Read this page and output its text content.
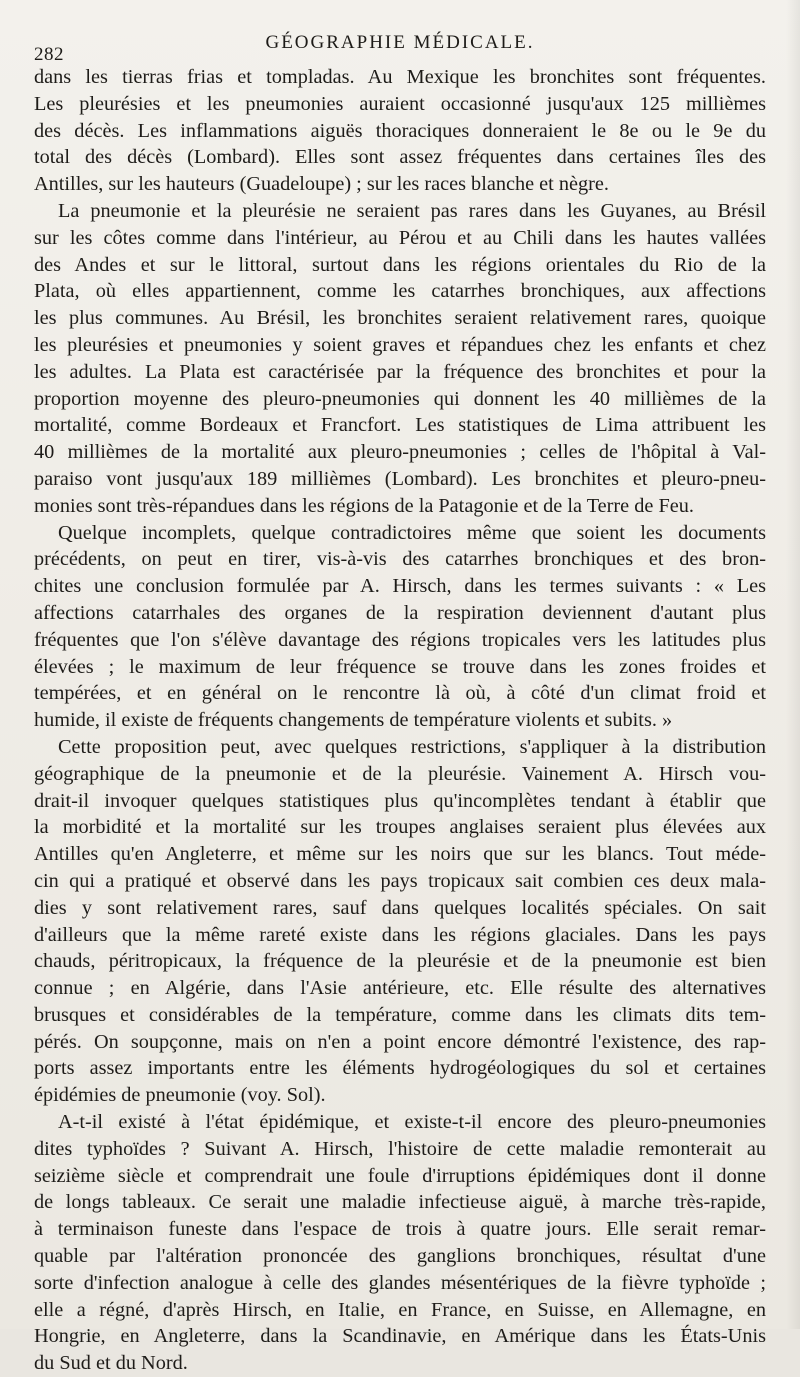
282
GÉOGRAPHIE MÉDICALE.
dans les tierras frias et tompladas. Au Mexique les bronchites sont fréquentes.
Les pleurésies et les pneumonies auraient occasionné jusqu'aux 125 millièmes
des décès. Les inflammations aiguës thoraciques donneraient le 8e ou le 9e du
total des décès (Lombard). Elles sont assez fréquentes dans certaines îles des
Antilles, sur les hauteurs (Guadeloupe) ; sur les races blanche et nègre.
La pneumonie et la pleurésie ne seraient pas rares dans les Guyanes, au Brésil
sur les côtes comme dans l'intérieur, au Pérou et au Chili dans les hautes vallées
des Andes et sur le littoral, surtout dans les régions orientales du Rio de la
Plata, où elles appartiennent, comme les catarrhes bronchiques, aux affections
les plus communes. Au Brésil, les bronchites seraient relativement rares, quoique
les pleurésies et pneumonies y soient graves et répandues chez les enfants et chez
les adultes. La Plata est caractérisée par la fréquence des bronchites et pour la
proportion moyenne des pleuro-pneumonies qui donnent les 40 millièmes de la
mortalité, comme Bordeaux et Francfort. Les statistiques de Lima attribuent les
40 millièmes de la mortalité aux pleuro-pneumonies ; celles de l'hôpital à Val-
paraiso vont jusqu'aux 189 millièmes (Lombard). Les bronchites et pleuro-pneu-
monies sont très-répandues dans les régions de la Patagonie et de la Terre de Feu.
Quelque incomplets, quelque contradictoires même que soient les documents
précédents, on peut en tirer, vis-à-vis des catarrhes bronchiques et des bron-
chites une conclusion formulée par A. Hirsch, dans les termes suivants : « Les
affections catarrhales des organes de la respiration deviennent d'autant plus
fréquentes que l'on s'élève davantage des régions tropicales vers les latitudes plus
élevées ; le maximum de leur fréquence se trouve dans les zones froides et
tempérées, et en général on le rencontre là où, à côté d'un climat froid et
humide, il existe de fréquents changements de température violents et subits. »
Cette proposition peut, avec quelques restrictions, s'appliquer à la distribution
géographique de la pneumonie et de la pleurésie. Vainement A. Hirsch vou-
drait-il invoquer quelques statistiques plus qu'incomplètes tendant à établir que
la morbidité et la mortalité sur les troupes anglaises seraient plus élevées aux
Antilles qu'en Angleterre, et même sur les noirs que sur les blancs. Tout méde-
cin qui a pratiqué et observé dans les pays tropicaux sait combien ces deux mala-
dies y sont relativement rares, sauf dans quelques localités spéciales. On sait
d'ailleurs que la même rareté existe dans les régions glaciales. Dans les pays
chauds, péritropicaux, la fréquence de la pleurésie et de la pneumonie est bien
connue ; en Algérie, dans l'Asie antérieure, etc. Elle résulte des alternatives
brusques et considérables de la température, comme dans les climats dits tem-
pérés. On soupçonne, mais on n'en a point encore démontré l'existence, des rap-
ports assez importants entre les éléments hydrogéologiques du sol et certaines
épidémies de pneumonie (voy. Sol).
A-t-il existé à l'état épidémique, et existe-t-il encore des pleuro-pneumonies
dites typhoïdes ? Suivant A. Hirsch, l'histoire de cette maladie remonterait au
seizième siècle et comprendrait une foule d'irruptions épidémiques dont il donne
de longs tableaux. Ce serait une maladie infectieuse aiguë, à marche très-rapide,
à terminaison funeste dans l'espace de trois à quatre jours. Elle serait remar-
quable par l'altération prononcée des ganglions bronchiques, résultat d'une
sorte d'infection analogue à celle des glandes mésentériques de la fièvre typhoïde ;
elle a régné, d'après Hirsch, en Italie, en France, en Suisse, en Allemagne, en
Hongrie, en Angleterre, dans la Scandinavie, en Amérique dans les États-Unis
du Sud et du Nord.
